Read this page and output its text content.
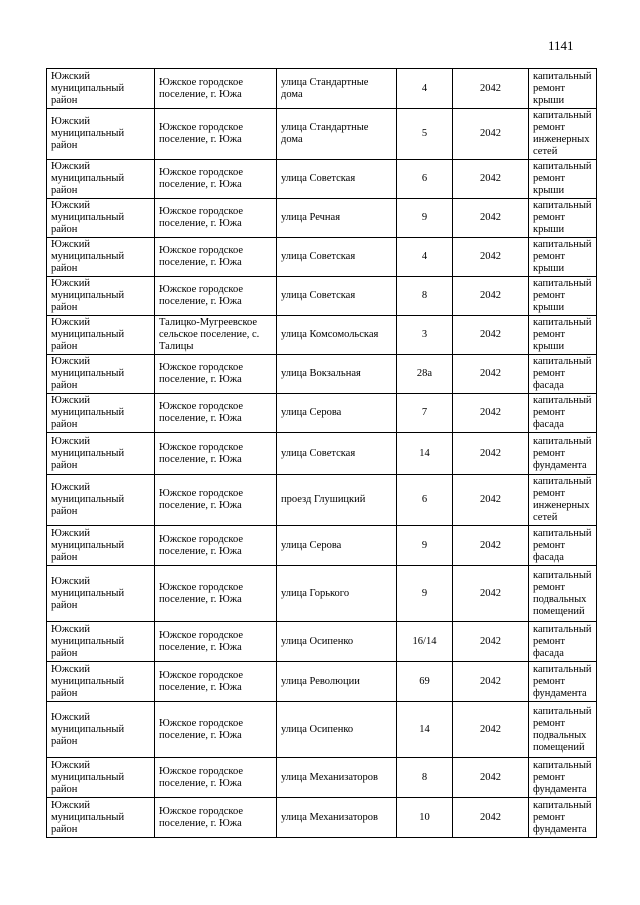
1141
Южский муниципальный район	Южское городское поселение, г. Южа	улица Стандартные дома	4	2042	капитальный ремонт крыши
Южский муниципальный район	Южское городское поселение, г. Южа	улица Стандартные дома	5	2042	капитальный ремонт инженерных сетей
Южский муниципальный район	Южское городское поселение, г. Южа	улица Советская	6	2042	капитальный ремонт крыши
Южский муниципальный район	Южское городское поселение, г. Южа	улица Речная	9	2042	капитальный ремонт крыши
Южский муниципальный район	Южское городское поселение, г. Южа	улица Советская	4	2042	капитальный ремонт крыши
Южский муниципальный район	Южское городское поселение, г. Южа	улица Советская	8	2042	капитальный ремонт крыши
Южский муниципальный район	Талицко-Мугреевское сельское поселение, с. Талицы	улица Комсомольская	3	2042	капитальный ремонт крыши
Южский муниципальный район	Южское городское поселение, г. Южа	улица Вокзальная	28а	2042	капитальный ремонт фасада
Южский муниципальный район	Южское городское поселение, г. Южа	улица Серова	7	2042	капитальный ремонт фасада
Южский муниципальный район	Южское городское поселение, г. Южа	улица Советская	14	2042	капитальный ремонт фундамента
Южский муниципальный район	Южское городское поселение, г. Южа	проезд Глушицкий	6	2042	капитальный ремонт инженерных сетей
Южский муниципальный район	Южское городское поселение, г. Южа	улица Серова	9	2042	капитальный ремонт фасада
Южский муниципальный район	Южское городское поселение, г. Южа	улица Горького	9	2042	капитальный ремонт подвальных помещений
Южский муниципальный район	Южское городское поселение, г. Южа	улица Осипенко	16/14	2042	капитальный ремонт фасада
Южский муниципальный район	Южское городское поселение, г. Южа	улица Революции	69	2042	капитальный ремонт фундамента
Южский муниципальный район	Южское городское поселение, г. Южа	улица Осипенко	14	2042	капитальный ремонт подвальных помещений
Южский муниципальный район	Южское городское поселение, г. Южа	улица Механизаторов	8	2042	капитальный ремонт фундамента
Южский муниципальный район	Южское городское поселение, г. Южа	улица Механизаторов	10	2042	капитальный ремонт фундамента
